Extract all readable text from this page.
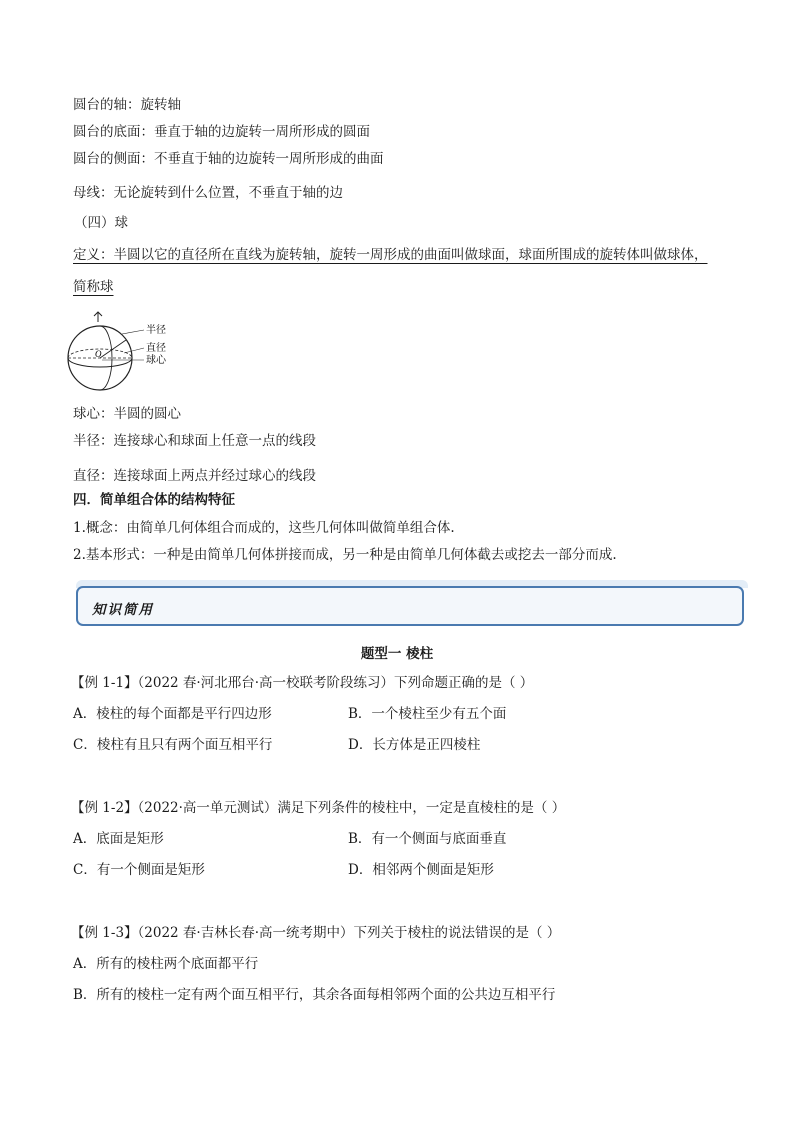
圆台的轴：旋转轴
圆台的底面：垂直于轴的边旋转一周所形成的圆面
圆台的侧面：不垂直于轴的边旋转一周所形成的曲面
母线：无论旋转到什么位置，不垂直于轴的边
（四）球
定义：半圆以它的直径所在直线为旋转轴，旋转一周形成的曲面叫做球面，球面所围成的旋转体叫做球体，
简称球
半径
直径
球心
O
球心：半圆的圆心
半径：连接球心和球面上任意一点的线段
直径：连接球面上两点并经过球心的线段
四．简单组合体的结构特征
1.概念：由简单几何体组合而成的，这些几何体叫做简单组合体.
2.基本形式：一种是由简单几何体拼接而成，另一种是由简单几何体截去或挖去一部分而成.
知识简用
题型一 棱柱
【例 1-1】（2022 春·河北邢台·高一校联考阶段练习）下列命题正确的是（ ）
A．棱柱的每个面都是平行四边形	B．一个棱柱至少有五个面
C．棱柱有且只有两个面互相平行	D．长方体是正四棱柱
【例 1-2】（2022·高一单元测试）满足下列条件的棱柱中，一定是直棱柱的是（ ）
A．底面是矩形	B．有一个侧面与底面垂直
C．有一个侧面是矩形	D．相邻两个侧面是矩形
【例 1-3】（2022 春·吉林长春·高一统考期中）下列关于棱柱的说法错误的是（ ）
A．所有的棱柱两个底面都平行
B．所有的棱柱一定有两个面互相平行，其余各面每相邻两个面的公共边互相平行
